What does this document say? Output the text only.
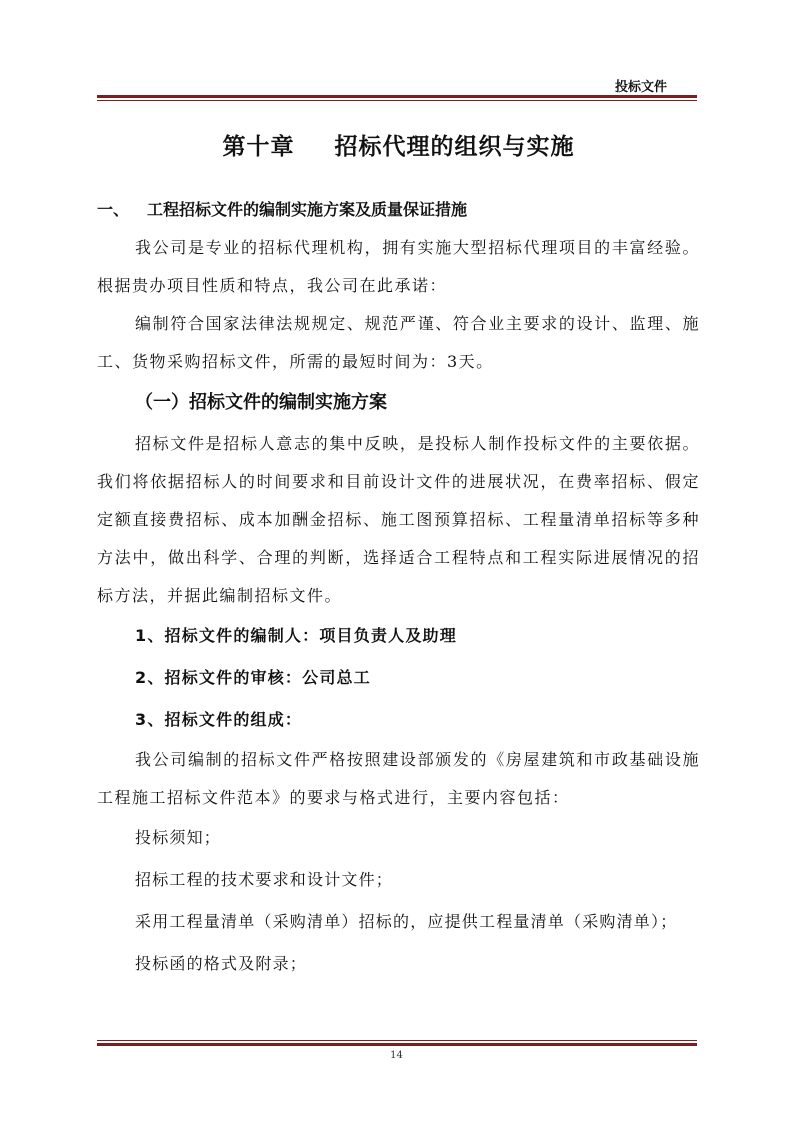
投标文件
第十章 招标代理的组织与实施
一、 工程招标文件的编制实施方案及质量保证措施

我公司是专业的招标代理机构，拥有实施大型招标代理项目的丰富经验。根据贵办项目性质和特点，我公司在此承诺：

编制符合国家法律法规规定、规范严谨、符合业主要求的设计、监理、施工、货物采购招标文件，所需的最短时间为：3天。

（一）招标文件的编制实施方案

招标文件是招标人意志的集中反映，是投标人制作投标文件的主要依据。我们将依据招标人的时间要求和目前设计文件的进展状况，在费率招标、假定定额直接费招标、成本加酬金招标、施工图预算招标、工程量清单招标等多种方法中，做出科学、合理的判断，选择适合工程特点和工程实际进展情况的招标方法，并据此编制招标文件。

1、招标文件的编制人：项目负责人及助理

2、招标文件的审核：公司总工

3、招标文件的组成：

我公司编制的招标文件严格按照建设部颁发的《房屋建筑和市政基础设施工程施工招标文件范本》的要求与格式进行，主要内容包括：

投标须知；

招标工程的技术要求和设计文件；

采用工程量清单（采购清单）招标的，应提供工程量清单（采购清单）；

投标函的格式及附录；

14
